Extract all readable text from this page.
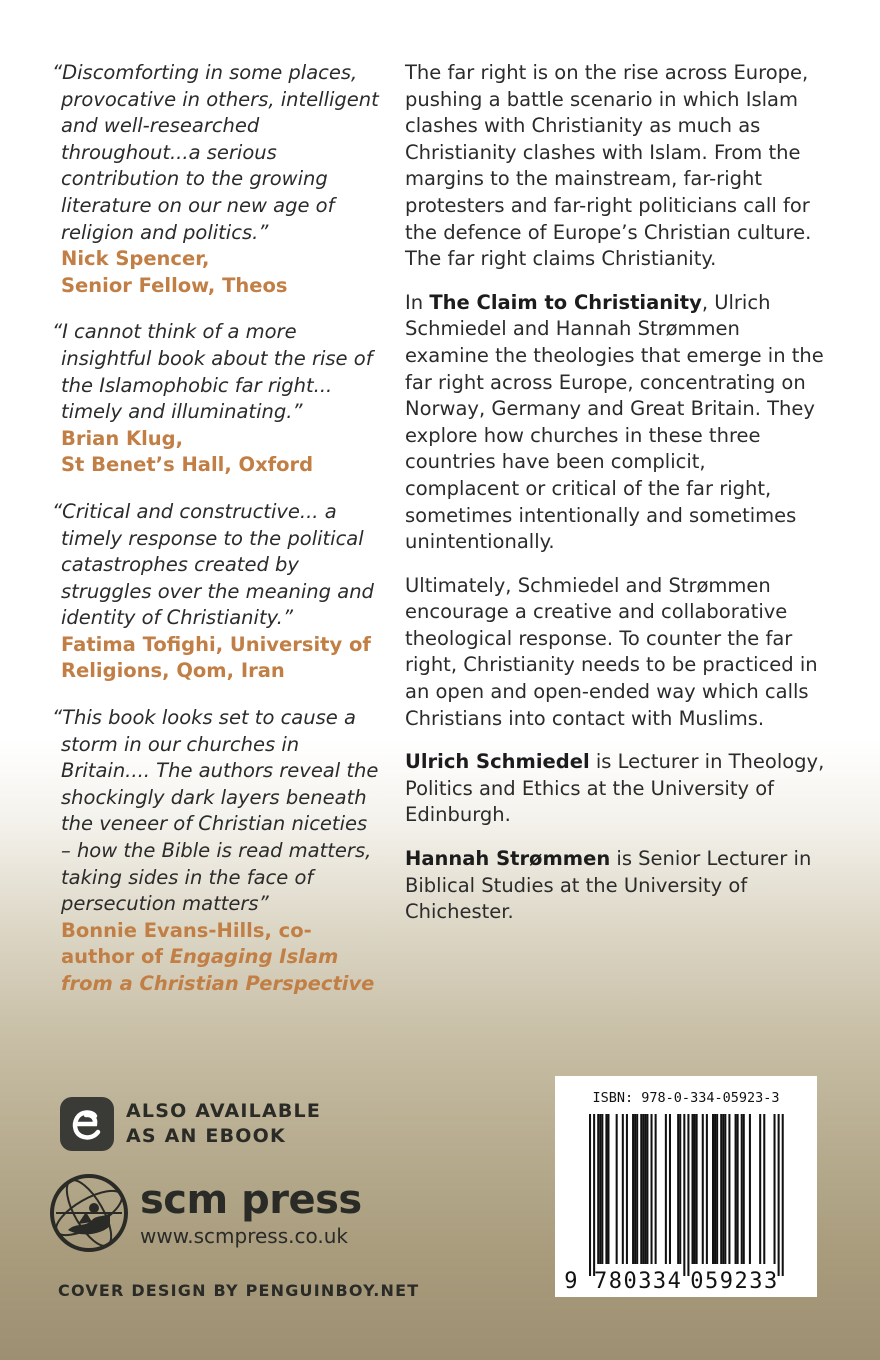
“Discomforting in some places, provocative in others, intelligent and well-researched throughout...a serious contribution to the growing literature on our new age of religion and politics.”

Nick Spencer,
Senior Fellow, Theos

“I cannot think of a more insightful book about the rise of the Islamophobic far right... timely and illuminating.”

Brian Klug,
St Benet’s Hall, Oxford

“Critical and constructive... a timely response to the political catastrophes created by struggles over the meaning and identity of Christianity.”

Fatima Tofighi, University of
Religions, Qom, Iran

“This book looks set to cause a storm in our churches in Britain.... The authors reveal the shockingly dark layers beneath the veneer of Christian niceties – how the Bible is read matters, taking sides in the face of persecution matters”

Bonnie Evans-Hills, co-author of Engaging Islam from a Christian Perspective

The far right is on the rise across Europe, pushing a battle scenario in which Islam clashes with Christianity as much as Christianity clashes with Islam. From the margins to the mainstream, far-right protesters and far-right politicians call for the defence of Europe’s Christian culture. The far right claims Christianity.

In The Claim to Christianity, Ulrich Schmiedel and Hannah Strømmen examine the theologies that emerge in the far right across Europe, concentrating on Norway, Germany and Great Britain. They explore how churches in these three countries have been complicit, complacent or critical of the far right, sometimes intentionally and sometimes unintentionally.

Ultimately, Schmiedel and Strømmen encourage a creative and collaborative theological response. To counter the far right, Christianity needs to be practiced in an open and open-ended way which calls Christians into contact with Muslims.

Ulrich Schmiedel is Lecturer in Theology, Politics and Ethics at the University of Edinburgh.

Hannah Strømmen is Senior Lecturer in Biblical Studies at the University of Chichester.

ALSO AVAILABLE
AS AN EBOOK
scm press
www.scmpress.co.uk
COVER DESIGN BY PENGUINBOY.NET
ISBN: 978-0-334-05923-3
9 780334 059233
